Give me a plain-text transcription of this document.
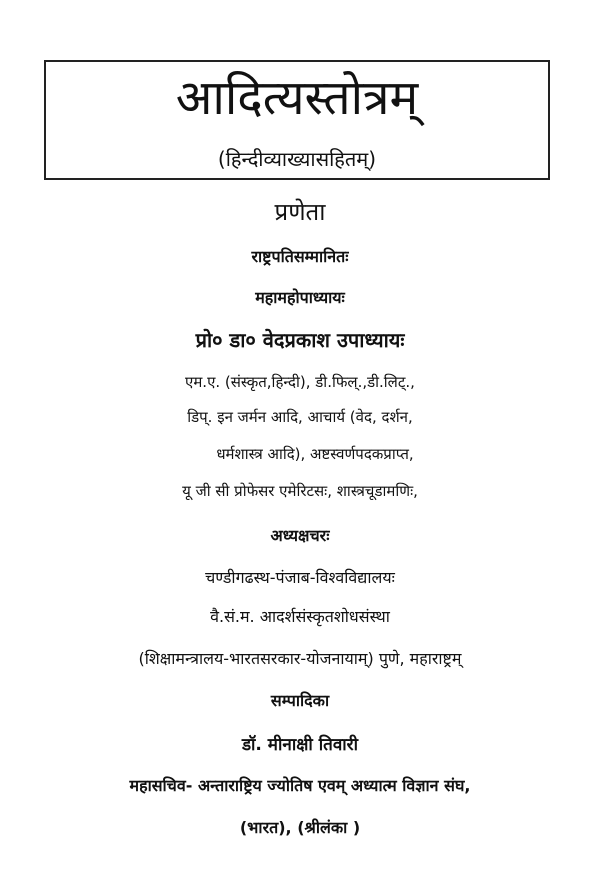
आदित्यस्तोत्रम्
(हिन्दीव्याख्यासहितम्)
प्रणेता
राष्ट्रपतिसम्मानितः
महामहोपाध्यायः
प्रो० डा० वेदप्रकाश उपाध्यायः
एम.ए. (संस्कृत,हिन्दी), डी.फिल्.,डी.लिट्.,
डिप्. इन जर्मन आदि, आचार्य (वेद, दर्शन,
धर्मशास्त्र आदि), अष्टस्वर्णपदकप्राप्त,
यू जी सी प्रोफेसर एमेरिटसः, शास्त्रचूडामणिः,
अध्यक्षचरः
चण्डीगढस्थ-पंजाब-विश्वविद्यालयः
वै.सं.म. आदर्शसंस्कृतशोधसंस्था
(शिक्षामन्त्रालय-भारतसरकार-योजनायाम्) पुणे, महाराष्ट्रम्
सम्पादिका
डॉ. मीनाक्षी तिवारी
महासचिव- अन्ताराष्ट्रिय ज्योतिष एवम् अध्यात्म विज्ञान संघ,
(भारत), (श्रीलंका )
